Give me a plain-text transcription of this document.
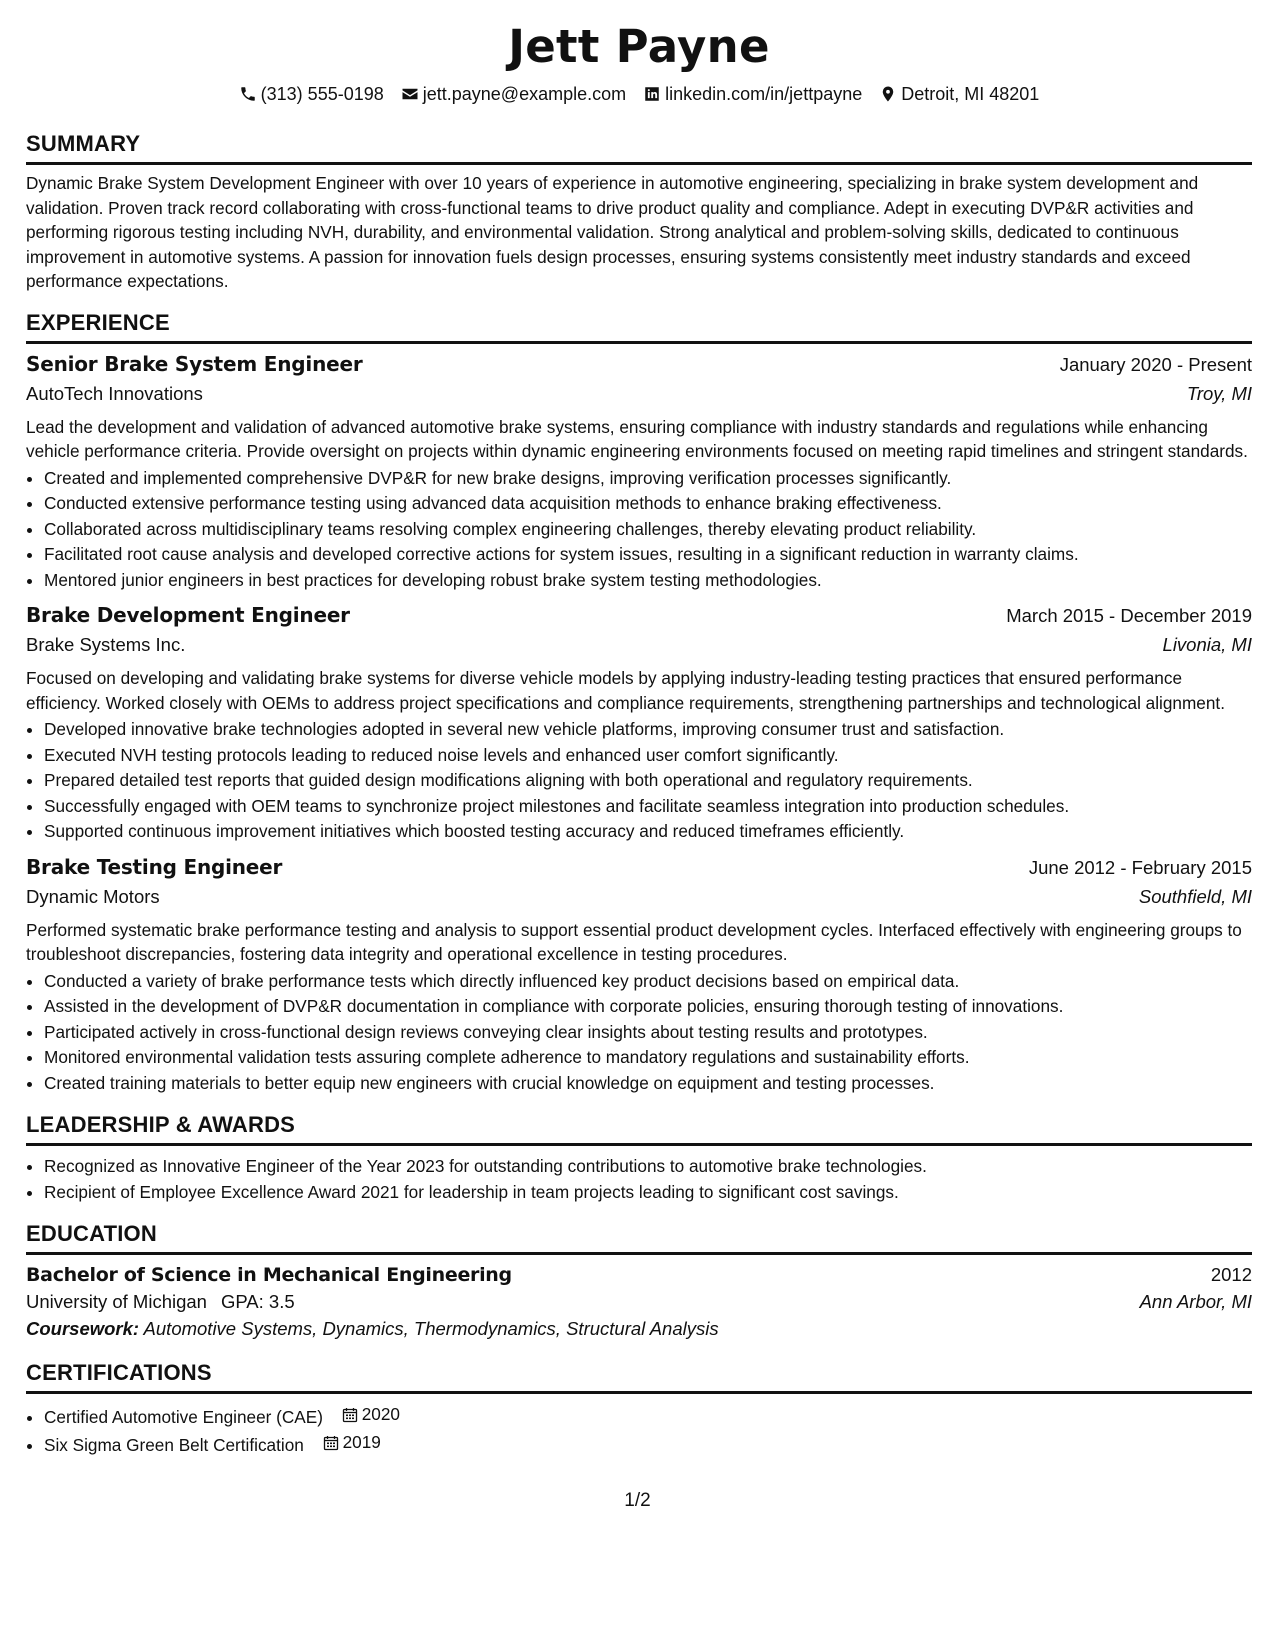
Jett Payne
(313) 555-0198 jett.payne@example.com linkedin.com/in/jettpayne Detroit, MI 48201
SUMMARY

Dynamic Brake System Development Engineer with over 10 years of experience in automotive engineering, specializing in brake system development and validation. Proven track record collaborating with cross-functional teams to drive product quality and compliance. Adept in executing DVP&R activities and performing rigorous testing including NVH, durability, and environmental validation. Strong analytical and problem-solving skills, dedicated to continuous improvement in automotive systems. A passion for innovation fuels design processes, ensuring systems consistently meet industry standards and exceed performance expectations.

EXPERIENCE
Senior Brake System Engineer	January 2020 - Present
AutoTech Innovations	Troy, MI

Lead the development and validation of advanced automotive brake systems, ensuring compliance with industry standards and regulations while enhancing vehicle performance criteria. Provide oversight on projects within dynamic engineering environments focused on meeting rapid timelines and stringent standards.

• Created and implemented comprehensive DVP&R for new brake designs, improving verification processes significantly.
• Conducted extensive performance testing using advanced data acquisition methods to enhance braking effectiveness.
• Collaborated across multidisciplinary teams resolving complex engineering challenges, thereby elevating product reliability.
• Facilitated root cause analysis and developed corrective actions for system issues, resulting in a significant reduction in warranty claims.
• Mentored junior engineers in best practices for developing robust brake system testing methodologies.
Brake Development Engineer	March 2015 - December 2019
Brake Systems Inc.	Livonia, MI

Focused on developing and validating brake systems for diverse vehicle models by applying industry-leading testing practices that ensured performance efficiency. Worked closely with OEMs to address project specifications and compliance requirements, strengthening partnerships and technological alignment.

• Developed innovative brake technologies adopted in several new vehicle platforms, improving consumer trust and satisfaction.
• Executed NVH testing protocols leading to reduced noise levels and enhanced user comfort significantly.
• Prepared detailed test reports that guided design modifications aligning with both operational and regulatory requirements.
• Successfully engaged with OEM teams to synchronize project milestones and facilitate seamless integration into production schedules.
• Supported continuous improvement initiatives which boosted testing accuracy and reduced timeframes efficiently.
Brake Testing Engineer	June 2012 - February 2015
Dynamic Motors	Southfield, MI

Performed systematic brake performance testing and analysis to support essential product development cycles. Interfaced effectively with engineering groups to troubleshoot discrepancies, fostering data integrity and operational excellence in testing procedures.

• Conducted a variety of brake performance tests which directly influenced key product decisions based on empirical data.
• Assisted in the development of DVP&R documentation in compliance with corporate policies, ensuring thorough testing of innovations.
• Participated actively in cross-functional design reviews conveying clear insights about testing results and prototypes.
• Monitored environmental validation tests assuring complete adherence to mandatory regulations and sustainability efforts.
• Created training materials to better equip new engineers with crucial knowledge on equipment and testing processes.
LEADERSHIP & AWARDS
• Recognized as Innovative Engineer of the Year 2023 for outstanding contributions to automotive brake technologies.
• Recipient of Employee Excellence Award 2021 for leadership in team projects leading to significant cost savings.
EDUCATION
Bachelor of Science in Mechanical Engineering	2012
University of Michigan GPA: 3.5	Ann Arbor, MI
Coursework: Automotive Systems, Dynamics, Thermodynamics, Structural Analysis
CERTIFICATIONS
• Certified Automotive Engineer (CAE) 2020
• Six Sigma Green Belt Certification 2019
1/2
